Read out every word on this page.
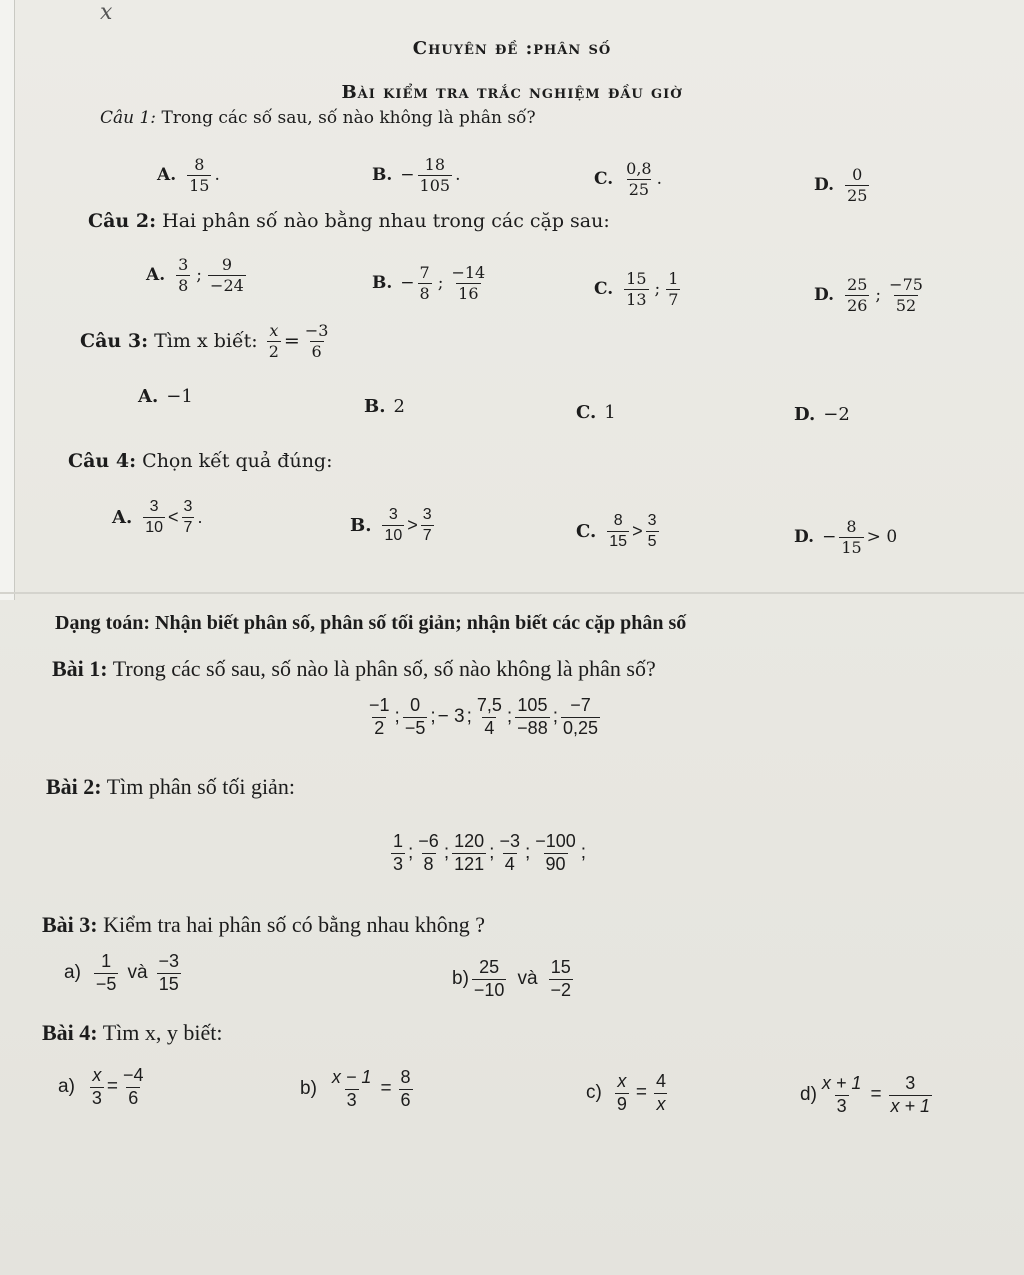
x
Chuyên đề :phân số
Bài kiểm tra trắc nghiệm đầu giờ
Câu 1: Trong các số sau, số nào không là phân số?
A. $\frac{8}{15}$ .	B. − $\frac{18}{105}$ .	C. $\frac{0,8}{25}$ .	D. $\frac{0}{25}$
Câu 2: Hai phân số nào bằng nhau trong các cặp sau:
A. $\frac{3}{8}$ ; $\frac{9}{-24}$	B. − $\frac{7}{8}$ ; $\frac{-14}{16}$	C. $\frac{15}{13}$ ; $\frac{1}{7}$	D. $\frac{25}{26}$ ; $\frac{-75}{52}$
Câu 3:
Tìm x biết:
$\frac{x}{2} = \frac{-3}{6}$
A. −1	B. 2	C. 1	D. −2
Câu 4: Chọn kết quả đúng:
A. $\frac{3}{10} < \frac{3}{7}$ .	B. $\frac{3}{10} > \frac{3}{7}$	C. $\frac{8}{15} > \frac{3}{5}$	D. − $\frac{8}{15} > 0$
Dạng toán: Nhận biết phân số, phân số tối giản; nhận biết các cặp phân số
Bài 1: Trong các số sau, số nào là phân số, số nào không là phân số?
$\frac{-1}{2}$ ; $\frac{0}{-5}$ ; − 3 ; $\frac{7,5}{4}$ ; $\frac{105}{-88}$ ; $\frac{-7}{0,25}$
Bài 2: Tìm phân số tối giản:
$\frac{1}{3}$ ; $\frac{-6}{8}$ ; $\frac{120}{121}$ ; $\frac{-3}{4}$ ; $\frac{-100}{90}$ ;
Bài 3: Kiểm tra hai phân số có bằng nhau không ?
$a) \frac{1}{-5}$ và $\frac{-3}{15}$	$b) \frac{25}{-10}$ và $\frac{15}{-2}$
Bài 4: Tìm x, y biết:
$a) \frac{x}{3} = \frac{-4}{6}$	$b) \frac{x - 1}{3} = \frac{8}{6}$	$c) \frac{x}{9} = \frac{4}{x}$	$d) \frac{x + 1}{3} = \frac{3}{x + 1}$
